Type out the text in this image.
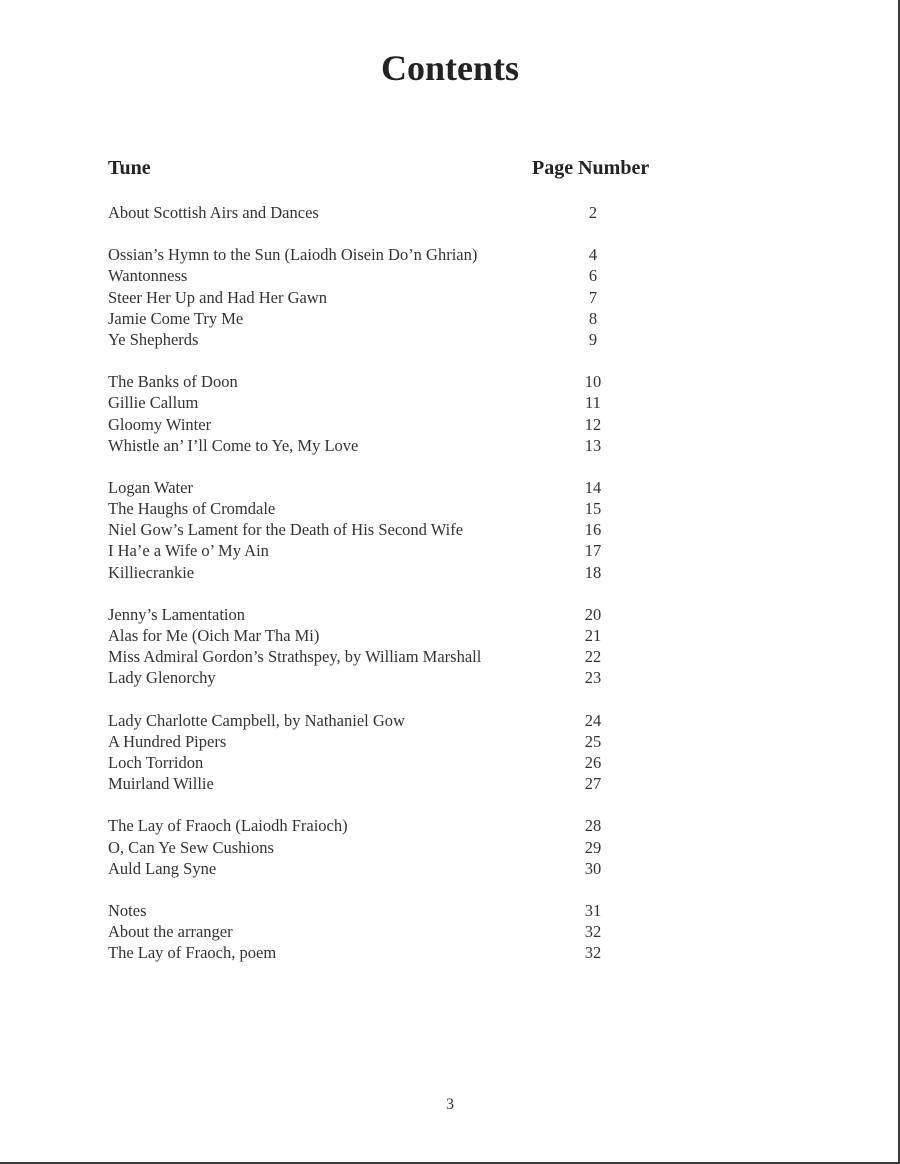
Contents
Tune	Page Number
About Scottish Airs and Dances	2
Ossian’s Hymn to the Sun (Laiodh Oisein Do’n Ghrian)	4
Wantonness	6
Steer Her Up and Had Her Gawn	7
Jamie Come Try Me	8
Ye Shepherds	9
The Banks of Doon	10
Gillie Callum	11
Gloomy Winter	12
Whistle an’ I’ll Come to Ye, My Love	13
Logan Water	14
The Haughs of Cromdale	15
Niel Gow’s Lament for the Death of His Second Wife	16
I Ha’e a Wife o’ My Ain	17
Killiecrankie	18
Jenny’s Lamentation	20
Alas for Me (Oich Mar Tha Mi)	21
Miss Admiral Gordon’s Strathspey, by William Marshall	22
Lady Glenorchy	23
Lady Charlotte Campbell, by Nathaniel Gow	24
A Hundred Pipers	25
Loch Torridon	26
Muirland Willie	27
The Lay of Fraoch (Laiodh Fraioch)	28
O, Can Ye Sew Cushions	29
Auld Lang Syne	30
Notes	31
About the arranger	32
The Lay of Fraoch, poem	32
3
